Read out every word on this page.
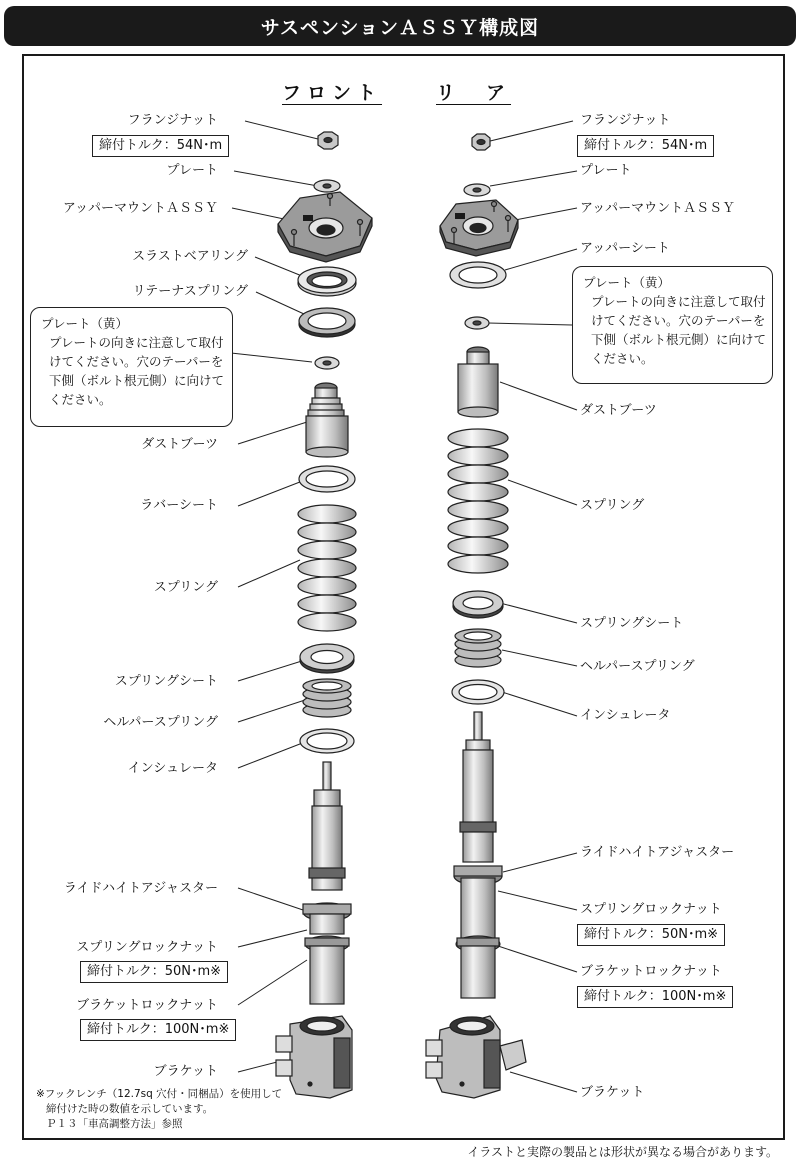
サスペンションＡＳＳＹ構成図
フロント	リ　ア
フランジナット
締付トルク：54N･m
プレート
アッパーマウントＡＳＳＹ
スラストベアリング
リテーナスプリング
ダストブーツ
ラバーシート
スプリング
スプリングシート
ヘルパースプリング
インシュレータ
ライドハイトアジャスター
スプリングロックナット
締付トルク：50N･m※
ブラケットロックナット
締付トルク：100N･m※
ブラケット
プレート（黄）
プレートの向きに注意して取付けてください。穴のテーパーを下側（ボルト根元側）に向けてください。
フランジナット
締付トルク：54N･m
プレート
アッパーマウントＡＳＳＹ
アッパーシート
ダストブーツ
スプリング
スプリングシート
ヘルパースプリング
インシュレータ
ライドハイトアジャスター
スプリングロックナット
締付トルク：50N･m※
ブラケットロックナット
締付トルク：100N･m※
ブラケット
プレート（黄）
プレートの向きに注意して取付けてください。穴のテーパーを下側（ボルト根元側）に向けてください。
※フックレンチ（12.7sq 穴付・同梱品）を使用して
締付けた時の数値を示しています。
Ｐ１３「車高調整方法」参照
イラストと実際の製品とは形状が異なる場合があります。
